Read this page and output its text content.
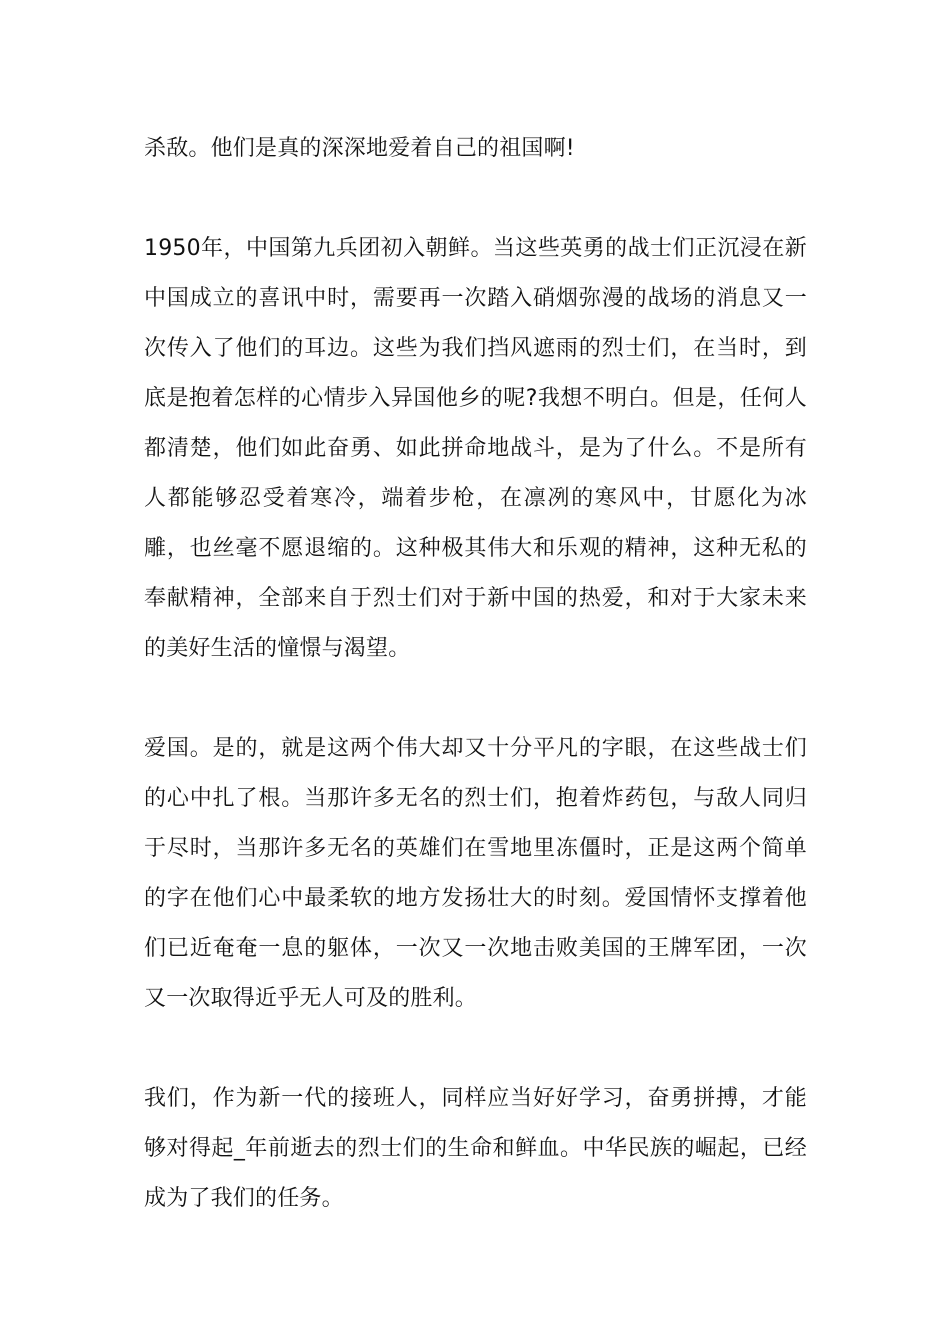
杀敌。他们是真的深深地爱着自己的祖国啊!

1950年，中国第九兵团初入朝鲜。当这些英勇的战士们正沉浸在新中国成立的喜讯中时，需要再一次踏入硝烟弥漫的战场的消息又一次传入了他们的耳边。这些为我们挡风遮雨的烈士们，在当时，到底是抱着怎样的心情步入异国他乡的呢?我想不明白。但是，任何人都清楚，他们如此奋勇、如此拼命地战斗，是为了什么。不是所有人都能够忍受着寒冷，端着步枪，在凛冽的寒风中，甘愿化为冰雕，也丝毫不愿退缩的。这种极其伟大和乐观的精神，这种无私的奉献精神，全部来自于烈士们对于新中国的热爱，和对于大家未来的美好生活的憧憬与渴望。

爱国。是的，就是这两个伟大却又十分平凡的字眼，在这些战士们的心中扎了根。当那许多无名的烈士们，抱着炸药包，与敌人同归于尽时，当那许多无名的英雄们在雪地里冻僵时，正是这两个简单的字在他们心中最柔软的地方发扬壮大的时刻。爱国情怀支撑着他们已近奄奄一息的躯体，一次又一次地击败美国的王牌军团，一次又一次取得近乎无人可及的胜利。

我们，作为新一代的接班人，同样应当好好学习，奋勇拼搏，才能够对得起_年前逝去的烈士们的生命和鲜血。中华民族的崛起，已经成为了我们的任务。
